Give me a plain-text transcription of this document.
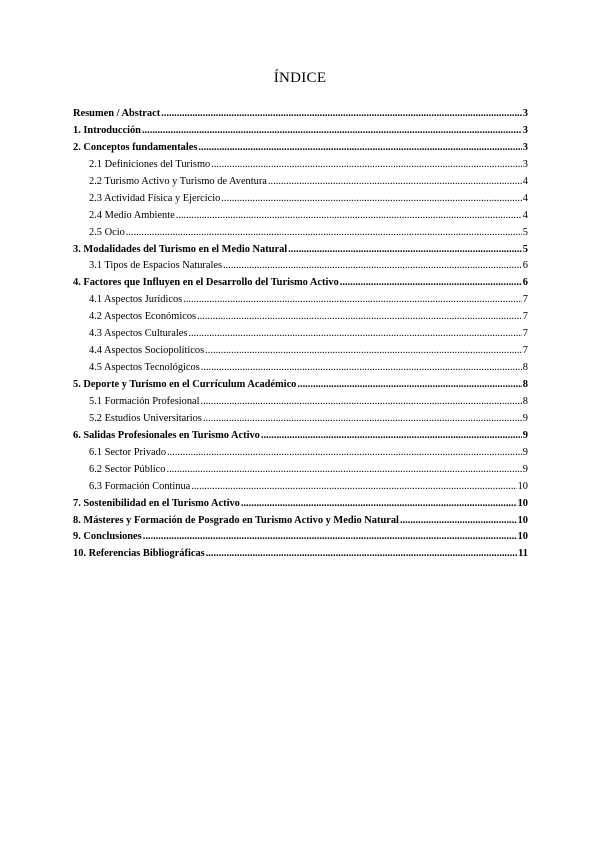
ÍNDICE
Resumen / Abstract .....	3
1. Introducción .....	3
2. Conceptos fundamentales .....	3
2.1 Definiciones del Turismo .....	3
2.2 Turismo Activo y Turismo de Aventura .....	4
2.3 Actividad Física y Ejercicio .....	4
2.4 Medio Ambiente .....	4
2.5 Ocio .....	5
3. Modalidades del Turismo en el Medio Natural .....	5
3.1 Tipos de Espacios Naturales .....	6
4. Factores que Influyen en el Desarrollo del Turismo Activo .....	6
4.1 Aspectos Jurídicos .....	7
4.2 Aspectos Económicos .....	7
4.3 Aspectos Culturales .....	7
4.4 Aspectos Sociopolíticos .....	7
4.5 Aspectos Tecnológicos .....	8
5. Deporte y Turismo en el Currículum Académico .....	8
5.1 Formación Profesional .....	8
5.2 Estudios Universitarios .....	9
6. Salidas Profesionales en Turismo Activo .....	9
6.1 Sector Privado .....	9
6.2 Sector Público .....	9
6.3 Formación Continua .....	10
7. Sostenibilidad en el Turismo Activo .....	10
8. Másteres y Formación de Posgrado en Turismo Activo y Medio Natural .....	10
9. Conclusiones .....	10
10. Referencias Bibliográficas .....	11
